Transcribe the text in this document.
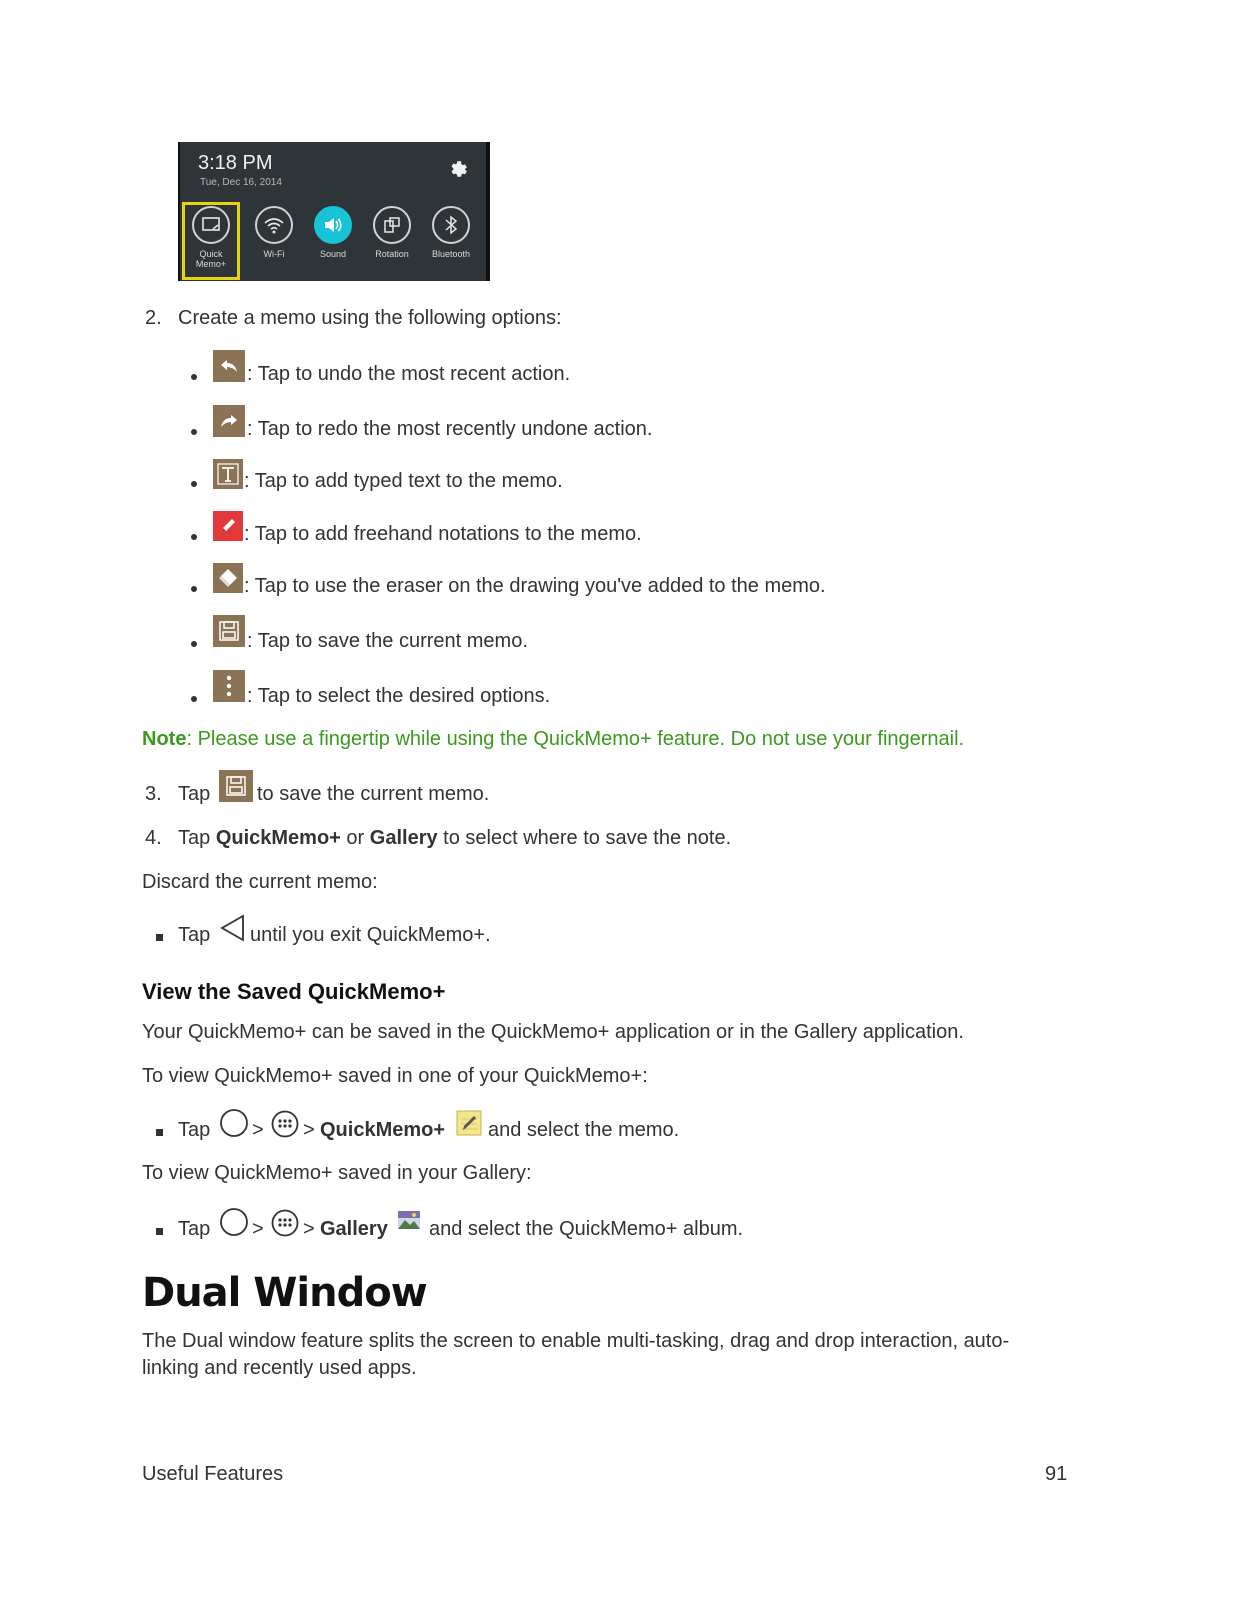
3:18 PM
Tue, Dec 16, 2014
Quick
Memo+
Wi-Fi	Sound	Rotation	Bluetooth
2. Create a memo using the following options:
: Tap to undo the most recent action.
: Tap to redo the most recently undone action.
: Tap to add typed text to the memo.
: Tap to add freehand notations to the memo.
: Tap to use the eraser on the drawing you've added to the memo.
: Tap to save the current memo.
: Tap to select the desired options.
Note: Please use a fingertip while using the QuickMemo+ feature. Do not use your fingernail.
3. Tap to save the current memo.
4. Tap QuickMemo+ or Gallery to select where to save the note.
Discard the current memo:
Tap until you exit QuickMemo+.
View the Saved QuickMemo+
Your QuickMemo+ can be saved in the QuickMemo+ application or in the Gallery application.
To view QuickMemo+ saved in one of your QuickMemo+:
Tap > > QuickMemo+ and select the memo.
To view QuickMemo+ saved in your Gallery:
Tap > > Gallery and select the QuickMemo+ album.
Dual Window
The Dual window feature splits the screen to enable multi-tasking, drag and drop interaction, auto-
linking and recently used apps.
Useful Features	91
